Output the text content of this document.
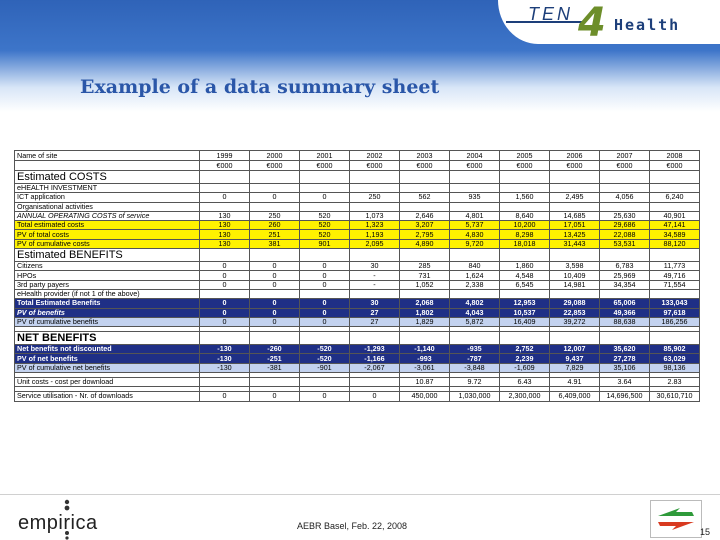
TEN 4 Health
Example of a data summary sheet
Name of site	1999	2000	2001	2002	2003	2004	2005	2006	2007	2008
	€000	€000	€000	€000	€000	€000	€000	€000	€000	€000
Estimated COSTS										
eHEALTH INVESTMENT										
ICT application	0	0	0	250	562	935	1,560	2,495	4,056	6,240
Organisational activities										
ANNUAL OPERATING COSTS of service	130	250	520	1,073	2,646	4,801	8,640	14,685	25,630	40,901
Total estimated costs	130	260	520	1,323	3,207	5,737	10,200	17,051	29,686	47,141
PV of total costs	130	251	520	1,193	2,795	4,830	8,298	13,425	22,088	34,589
PV of cumulative costs	130	381	901	2,095	4,890	9,720	18,018	31,443	53,531	88,120
Estimated BENEFITS										
Citizens	0	0	0	30	285	840	1,860	3,598	6,783	11,773
HPOs	0	0	0	-	731	1,624	4,548	10,409	25,969	49,716
3rd party payers	0	0	0	-	1,052	2,338	6,545	14,981	34,354	71,554
eHealth provider (if not 1 of the above)										
Total Estimated Benefits	0	0	0	30	2,068	4,802	12,953	29,088	65,006	133,043
PV of benefits	0	0	0	27	1,802	4,043	10,537	22,853	49,366	97,618
PV of cumulative benefits	0	0	0	27	1,829	5,872	16,409	39,272	88,638	186,256

NET BENEFITS										
Net benefits not discounted	-130	-260	-520	-1,293	-1,140	-935	2,752	12,007	35,620	85,902
PV of net benefits	-130	-251	-520	-1,166	-993	-787	2,239	9,437	27,278	63,029
PV of cumulative net benefits	-130	-381	-901	-2,067	-3,061	-3,848	-1,609	7,829	35,106	98,136

Unit costs - cost per download					10.87	9.72	6.43	4.91	3.64	2.83

Service utilisation - Nr. of downloads	0	0	0	0	450,000	1,030,000	2,300,000	6,409,000	14,696,500	30,610,710
empirica	AEBR Basel, Feb. 22, 2008
15
